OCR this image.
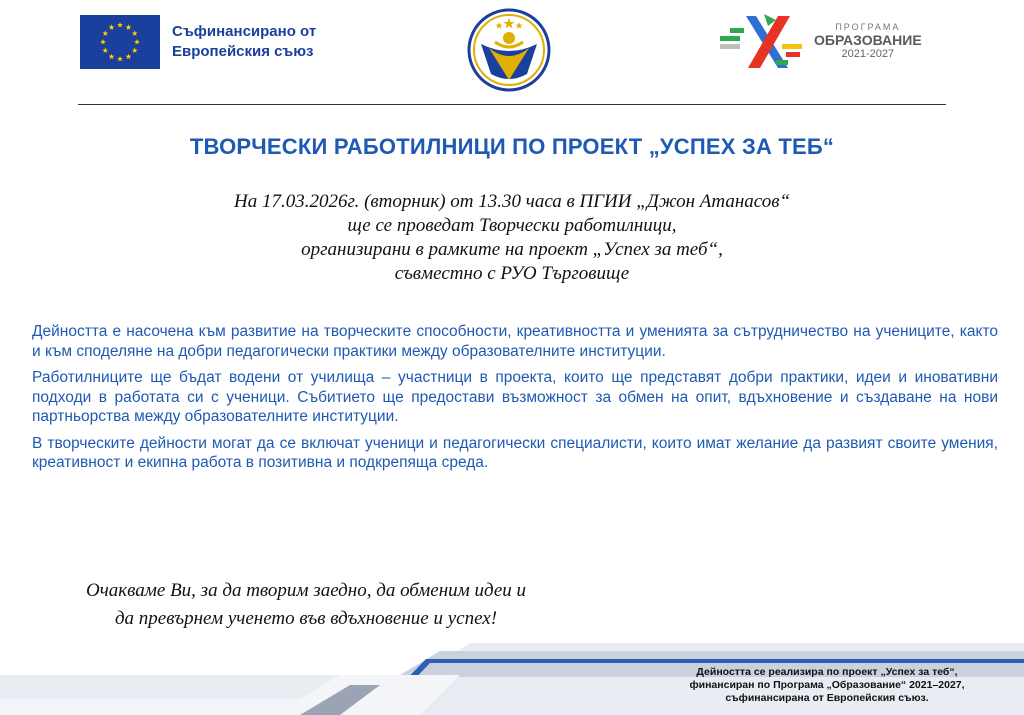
Съфинансирано от
Европейския съюз
ПРОГРАМА
ОБРАЗОВАНИЕ
2021-2027
ТВОРЧЕСКИ РАБОТИЛНИЦИ ПО ПРОЕКТ „УСПЕХ ЗА ТЕБ“
На 17.03.2026г. (вторник) от 13.30 часа в ПГИИ „Джон Атанасов“
ще се проведат Творчески работилници,
организирани в рамките на проект „Успех за теб“,
съвместно с РУО Търговище

Дейността е насочена към развитие на творческите способности, креативността и уменията за сътрудничество на учениците, както и към споделяне на добри педагогически практики между образователните институции.

Работилниците ще бъдат водени от училища – участници в проекта, които ще представят добри практики, идеи и иновативни подходи в работата си с ученици. Събитието ще предостави възможност за обмен на опит, вдъхновение и създаване на нови партньорства между образователните институции.

В творческите дейности могат да се включат ученици и педагогически специалисти, които имат желание да развият своите умения, креативност и екипна работа в позитивна и подкрепяща среда.

Очакваме Ви, за да творим заедно, да обменим идеи и
да превърнем ученето във вдъхновение и успех!
Дейността се реализира по проект „Успех за теб“,
финансиран по Програма „Образование“ 2021–2027,
съфинансирана от Европейския съюз.
